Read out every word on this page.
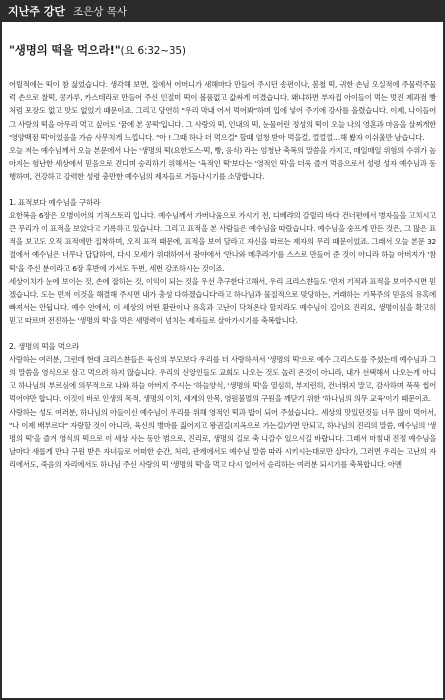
지난주 강단 조은상 목사
"생명의 떡을 먹으라!"(요 6:32~35)

어릴적에는 떡이 참 싫었습니다. 생각해 보면, 집에서 어머니가 새해마다 만들어 주시던 송편이나, 봄철 떡, 귀한 손님 오실적에 주물럭주물럭 손으로 찰떡, 콩가루, 카스테라로 만들어 주신 인절미 떡이 볼품없고 값싸게 여겼습니다. 왜냐하면 부자집 아이들이 먹는 멋진 제과점 빵처럼 포장도 없고 맛도 없었기 때문이죠. 그리고 당연히 "우리 막내 어서 먹어봐"하며 입에 넣어 주기에 강사를 올렸습니다. 이제, 나이들어 그 사랑의 떡을 아무리 먹고 싶어도 '꿈에 본 콩떡'입니다. 그 사랑의 떡, 인내의 떡, 눈물어린 정성의 떡이 오늘 나의 영혼과 마음을 살찌게한 '영양백점 떡'이었음을 가슴 사무치게 느낍니다. "아 ! 그때 하나 더 먹으걸" 할때 엄청 받아 먹을걸, 껄껄껄…해 봤자 이쉬울만 남습니다.

오늘 저는 예수님께서 오늘 본문에서 나는 '생명의 떡(요한도스-떡, 빵, 음식) 라는 엄청난 축복의 말씀을 가지고, 매일매일 위험의 수위가 높아지는 험난한 세상에서 믿음으로 견디며 승리하기 위해서는 '육적인 떡'보다는 '영적인 떡'을 더욱 즐겨 먹음으로서 성령 성자 예수님과 동행하며, 건강하고 강력한 성령 충만한 예수님의 제자들로 거듭나시기를 소망합니다.

1. 표적보다 예수님을 구하라

요한복음 6장은 오병이어의 기적스토리 입니다. 예수님께서 가버나움으로 가시기 전, 디베랴의 갈릴리 바다 건너편에서 병자들을 고치시고 큰 무리가 이 표적을 보았다고 기록하고 있습니다. 그리고 표적을 본 사람들은 예수님을 따랐습니다. 예수님을 숭프게 만든 것은, 그 많은 표적을 보고도 오직 표적에만 집착하며, 오직 표적 때문에, 표적을 보여 달라고 자신을 따르는 제자의 무리 때문이었죠. 그래서 오늘 본문 32절에서 예수님은 너무나 답답하여, 다시 모세가 위대하여서 광야에서 '만나와 메추라기'를 스스로 만들어 준 것이 아니라 하늘 아버지가 '참 떡'을 주신 분이라고 6장 후반에 가서도 두번, 세번 강조하시는 것이죠.

세상이치가 눈에 보이는 것, 손에 잡히는 것, 이익이 되는 것을 우선 추구한다고해서, 우리 크리스챤들도 '먼저 기적과 표적을 보여주시면 믿겠습니다. 도는 먼저 이것을 해결해 주시면 내가 충성 다하겠습니다'라고 하나님과 물질적으로 맞당하는, 거래하는 기복주의 믿음의 유혹에 빠져서는 안됩니다. 예수 안에서, 이 세상의 어떤 환란이나 유혹과 고난이 닥쳐온다 할지라도 예수님이 길이요 진리요, 생명이심을 확고히 믿고 따르며 전진하는 '생명의 떡'을 먹은 새명력이 넘치는 제자들로 살아가시기를 축복합니다.

2. 생명의 떡을 먹으라

사랑하는 여러분, 그런데 현대 크리스챤들은 육신의 부모보다 우리를 더 사랑하셔서 '생명의 떡'으로 예수 그리스도를 주셨는데 예수님과 그의 말씀을 영식으로 삼고 먹으려 하지 않습니다. 우리의 신앙인들도 교회도 나오는 것도 놀러 온것이 아니라, 내가 선택해서 나오는게 아니고 하나님의 부르심에 의무적으로 나와 하늘 아버지 주시는 '하늘양식, '생명의 떡'을 열심히, 부지런히, 건너뛰지 말고, 감사하며 푹푹 씹어 먹어야만 합니다. 이것이 바로 인생의 목적, 생명의 이치, 세계의 안목, 영원불멸의 구원을 깨닫기 위한 '하나님의 의무 교육'이기 때문이죠.

사랑하는 성도 여러분, 하나님의 아들이신 예수님이 우리를 위해 영적인 떡과 밥이 되어 주셨습니다.. 세상의 맛있던것들 너무 많이 먹어서, "나 이제 배부르다" 자랑할 것이 아니라, 육신의 병마를 짊어지고 왕권길(지옥으로 가는길)가면 안되고, 하나님의 진리의 말씀, 예수님의 '생명의 떡'을 즐겨 영식의 떡으로 이 세상 사는 동안 범으로, 진리로, 생명의 길로 축 나갈수 있으시길 바랍니다. 그래서 마침내 진정 예수님을 날마다 새롭게 만나 구원 받은 자녀들로 어떠한 순간, 처리, 관계에서도 예수님 말씀 따라 시키시는대로만 살다가, 그러면 우리는 고난의 자리에서도, 죽음의 자리에서도 하나님 주신 사랑의 떡 '생명의 떡'을 먹고 다시 일어서 승리하는 여러분 되시기를 축복합니다. 아멘
